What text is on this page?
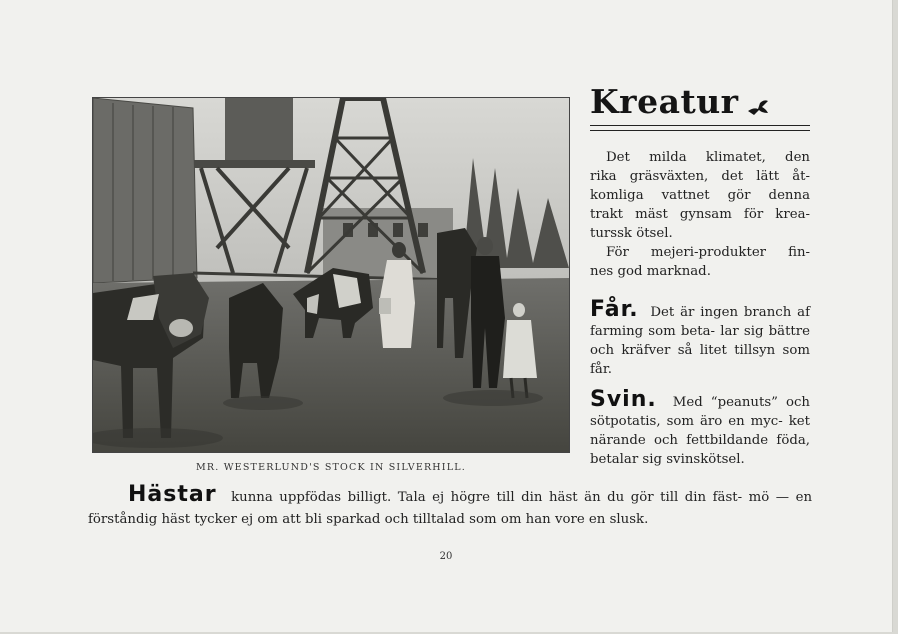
MR. WESTERLUND'S STOCK IN SILVERHILL.
Kreatur
Det milda klimatet, den
rika gräsväxten, det lätt åt-
komliga vattnet gör denna
trakt mäst gynsam för krea-
turssk ötsel.
För mejeri-produkter fin-
nes god marknad.

Får. Det är ingen branch af farming som beta- lar sig bättre och kräfver så litet tillsyn som får.

Svin. Med “peanuts” och sötpotatis, som äro en myc- ket närande och fettbildande föda, betalar sig svinskötsel.

Hästar kunna uppfödas billigt. Tala ej högre till din häst än du gör till din fäst- mö — en förståndig häst tycker ej om att bli sparkad och tilltalad som om han vore en slusk.

20
